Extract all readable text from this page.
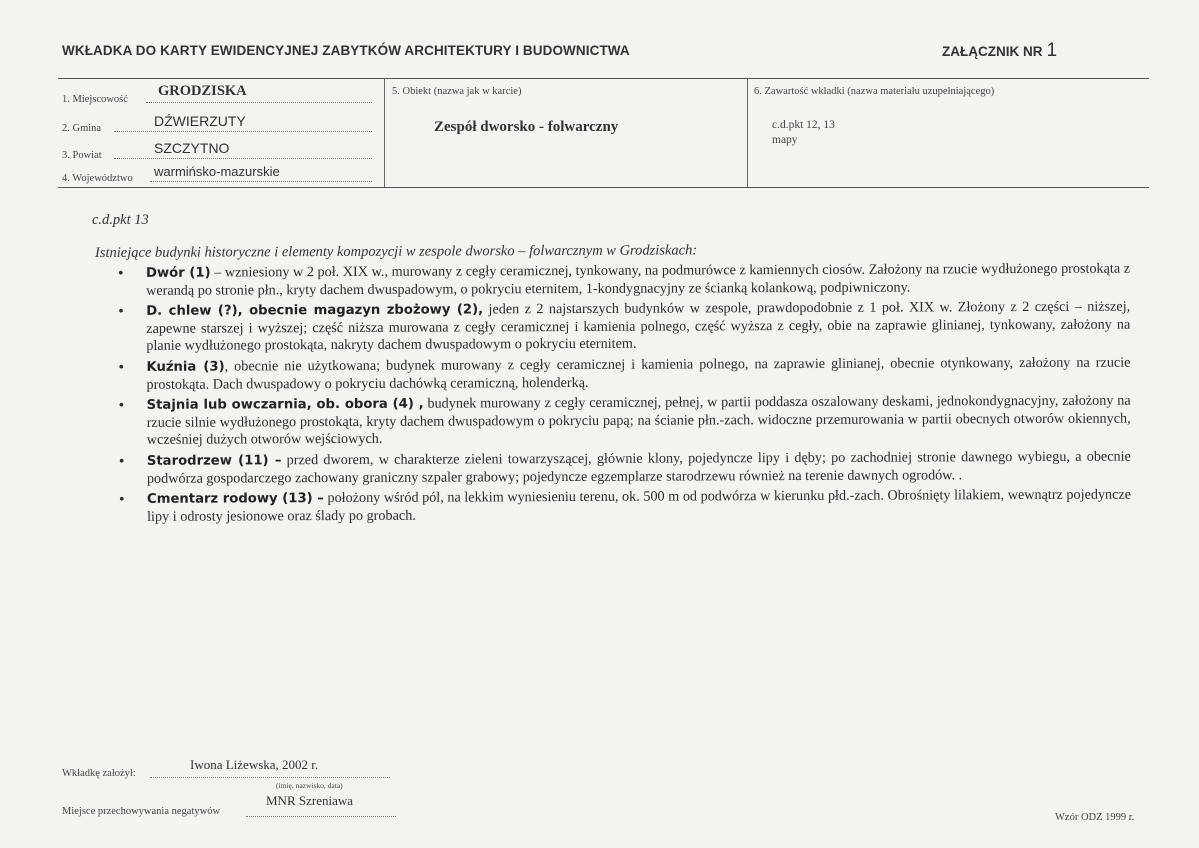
WKŁADKA DO KARTY EWIDENCYJNEJ ZABYTKÓW ARCHITEKTURY I BUDOWNICTWA	ZAŁĄCZNIK NR 1
1. Miejscowość
GRODZISKA
2. Gmina	DŹWIERZUTY
3. Powiat	SZCZYTNO
4. Województwo warmińsko-mazurskie
5. Obiekt (nazwa jak w karcie)
Zespół dworsko - folwarczny
6. Zawartość wkładki (nazwa materiału uzupełniającego)
c.d.pkt 12, 13
mapy
c.d.pkt 13
Istniejące budynki historyczne i elementy kompozycji w zespole dworsko – folwarcznym w Grodziskach:
• Dwór (1) – wzniesiony w 2 poł. XIX w., murowany z cegły ceramicznej, tynkowany, na podmurówce z kamiennych ciosów. Założony na rzucie wydłużonego prostokąta z werandą po stronie płn., kryty dachem dwuspadowym, o pokryciu eternitem, 1-kondygnacyjny ze ścianką kolankową, podpiwniczony.
• D. chlew (?), obecnie magazyn zbożowy (2), jeden z 2 najstarszych budynków w zespole, prawdopodobnie z 1 poł. XIX w. Złożony z 2 części – niższej, zapewne starszej i wyższej; część niższa murowana z cegły ceramicznej i kamienia polnego, część wyższa z cegły, obie na zaprawie glinianej, tynkowany, założony na planie wydłużonego prostokąta, nakryty dachem dwuspadowym o pokryciu eternitem.
• Kuźnia (3), obecnie nie użytkowana; budynek murowany z cegły ceramicznej i kamienia polnego, na zaprawie glinianej, obecnie otynkowany, założony na rzucie prostokąta. Dach dwuspadowy o pokryciu dachówką ceramiczną, holenderką.
• Stajnia lub owczarnia, ob. obora (4) , budynek murowany z cegły ceramicznej, pełnej, w partii poddasza oszalowany deskami, jednokondygnacyjny, założony na rzucie silnie wydłużonego prostokąta, kryty dachem dwuspadowym o pokryciu papą; na ścianie płn.-zach. widoczne przemurowania w partii obecnych otworów okiennych, wcześniej dużych otworów wejściowych.
• Starodrzew (11) – przed dworem, w charakterze zieleni towarzyszącej, głównie klony, pojedyncze lipy i dęby; po zachodniej stronie dawnego wybiegu, a obecnie podwórza gospodarczego zachowany graniczny szpaler grabowy; pojedyncze egzemplarze starodrzewu również na terenie dawnych ogrodów. .
• Cmentarz rodowy (13) – położony wśród pól, na lekkim wyniesieniu terenu, ok. 500 m od podwórza w kierunku płd.-zach. Obrośnięty lilakiem, wewnątrz pojedyncze lipy i odrosty jesionowe oraz ślady po grobach.
Wkładkę założył:
Iwona Liżewska, 2002 r.
(imię, nazwisko, data)
Miejsce przechowywania negatywów
MNR Szreniawa
Wzór ODZ 1999 r.
